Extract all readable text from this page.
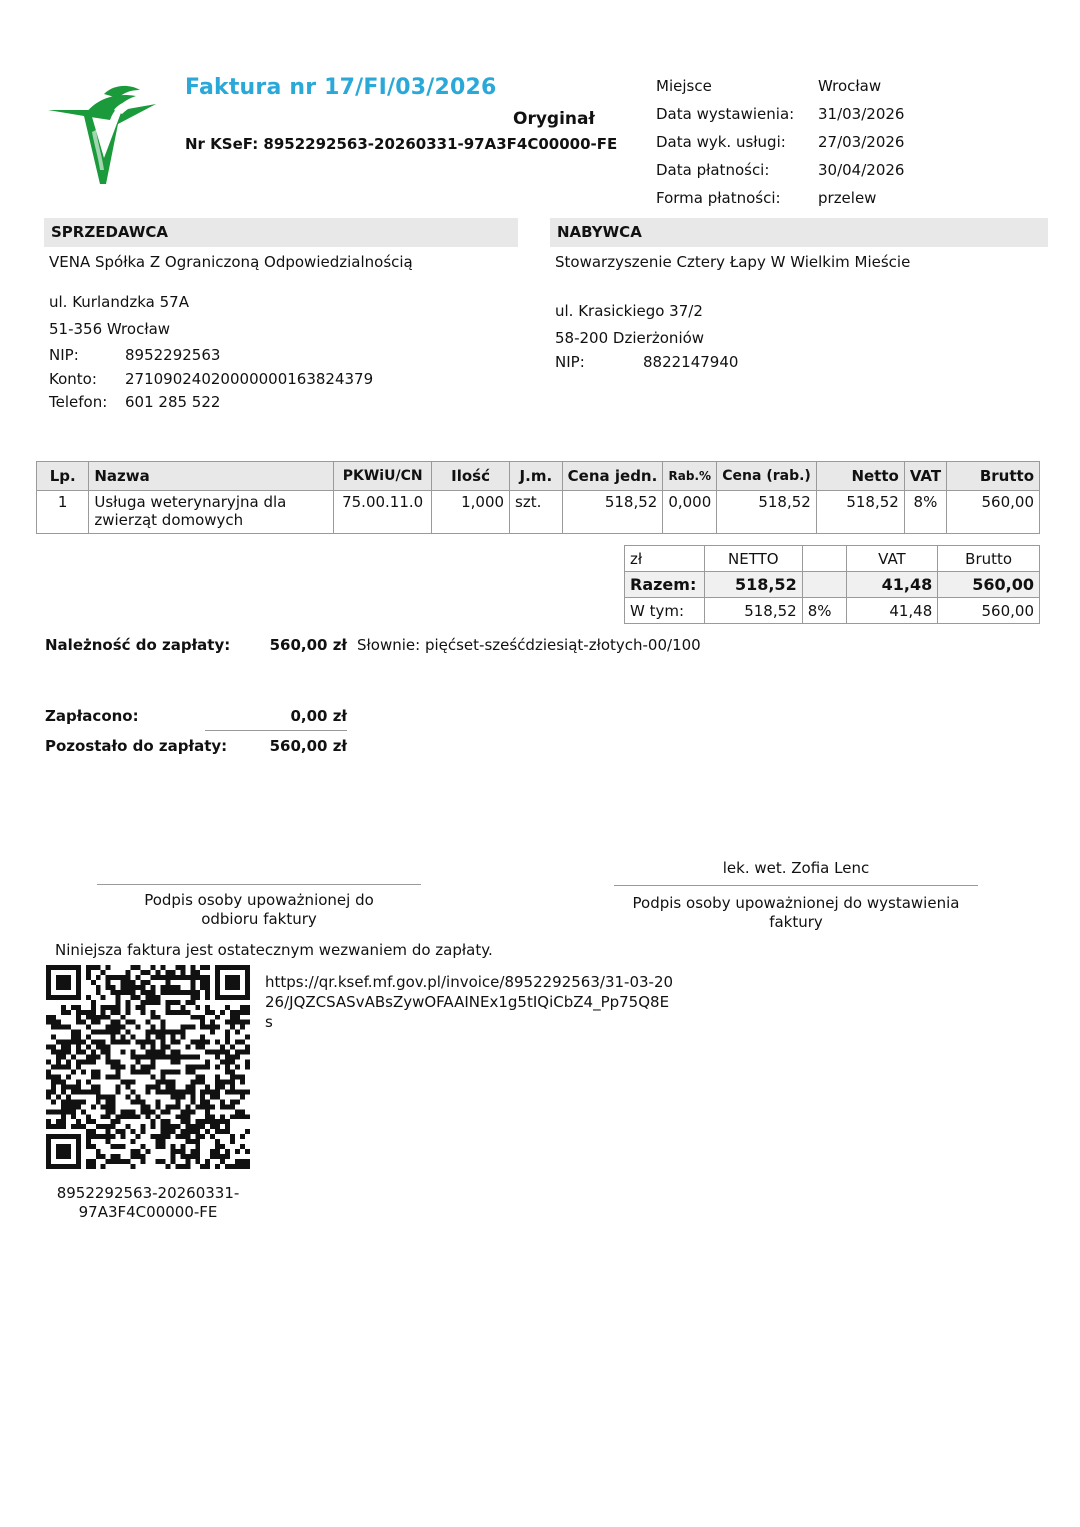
Faktura nr 17/FI/03/2026
Oryginał
Nr KSeF: 8952292563-20260331-97A3F4C00000-FE
Miejsce	Wrocław
Data wystawienia:	31/03/2026
Data wyk. usługi:	27/03/2026
Data płatności:	30/04/2026
Forma płatności:	przelew
SPRZEDAWCA
VENA Spółka Z Ograniczoną Odpowiedzialnością
ul. Kurlandzka 57A
51-356 Wrocław
NIP:	8952292563
Konto:	27109024020000000163824379
Telefon:	601 285 522
NABYWCA
Stowarzyszenie Cztery Łapy W Wielkim Mieście
ul. Krasickiego 37/2
58-200 Dzierżoniów
NIP:	8822147940
Lp.	Nazwa	PKWiU/CN	Ilość	J.m.	Cena jedn.	Rab.%	Cena (rab.)	Netto	VAT	Brutto
1	Usługa weterynaryjna dla zwierząt domowych	75.00.11.0	1,000	szt.	518,52	0,000	518,52	518,52	8%	560,00
zł	NETTO		VAT	Brutto
Razem:	518,52		41,48	560,00
W tym:	518,52	8%	41,48	560,00
Należność do zapłaty:	560,00 zł Słownie: pięćset-sześćdziesiąt-złotych-00/100
Zapłacono:	0,00 zł
Pozostało do zapłaty:	560,00 zł
lek. wet. Zofia Lenc
Podpis osoby upoważnionej do odbioru faktury
Podpis osoby upoważnionej do wystawienia faktury
Niniejsza faktura jest ostatecznym wezwaniem do zapłaty.
https://qr.ksef.mf.gov.pl/invoice/8952292563/31-03-2026/JQZCSASvABsZywOFAAINEx1g5tIQiCbZ4_Pp75Q8Es
8952292563-20260331-97A3F4C00000-FE
